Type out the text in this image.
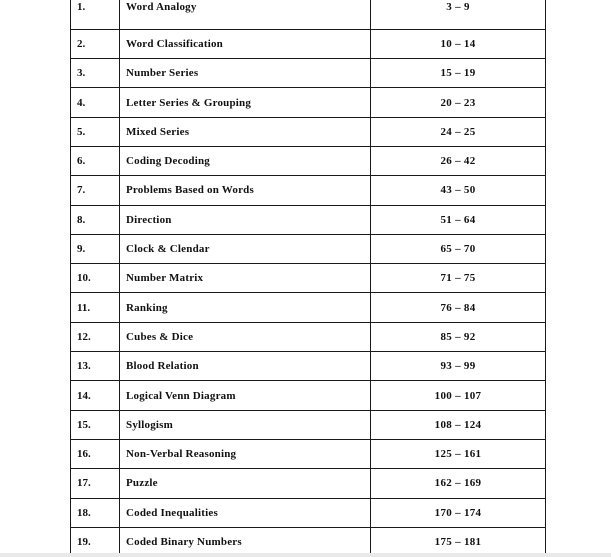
1.	Word Analogy	3 – 9
2.	Word Classification	10 – 14
3.	Number Series	15 – 19
4.	Letter Series & Grouping	20 – 23
5.	Mixed Series	24 – 25
6.	Coding Decoding	26 – 42
7.	Problems Based on Words	43 – 50
8.	Direction	51 – 64
9.	Clock & Clendar	65 – 70
10.	Number Matrix	71 – 75
11.	Ranking	76 – 84
12.	Cubes & Dice	85 – 92
13.	Blood Relation	93 – 99
14.	Logical Venn Diagram	100 – 107
15.	Syllogism	108 – 124
16.	Non-Verbal Reasoning	125 – 161
17.	Puzzle	162 – 169
18.	Coded Inequalities	170 – 174
19.	Coded Binary Numbers	175 – 181
